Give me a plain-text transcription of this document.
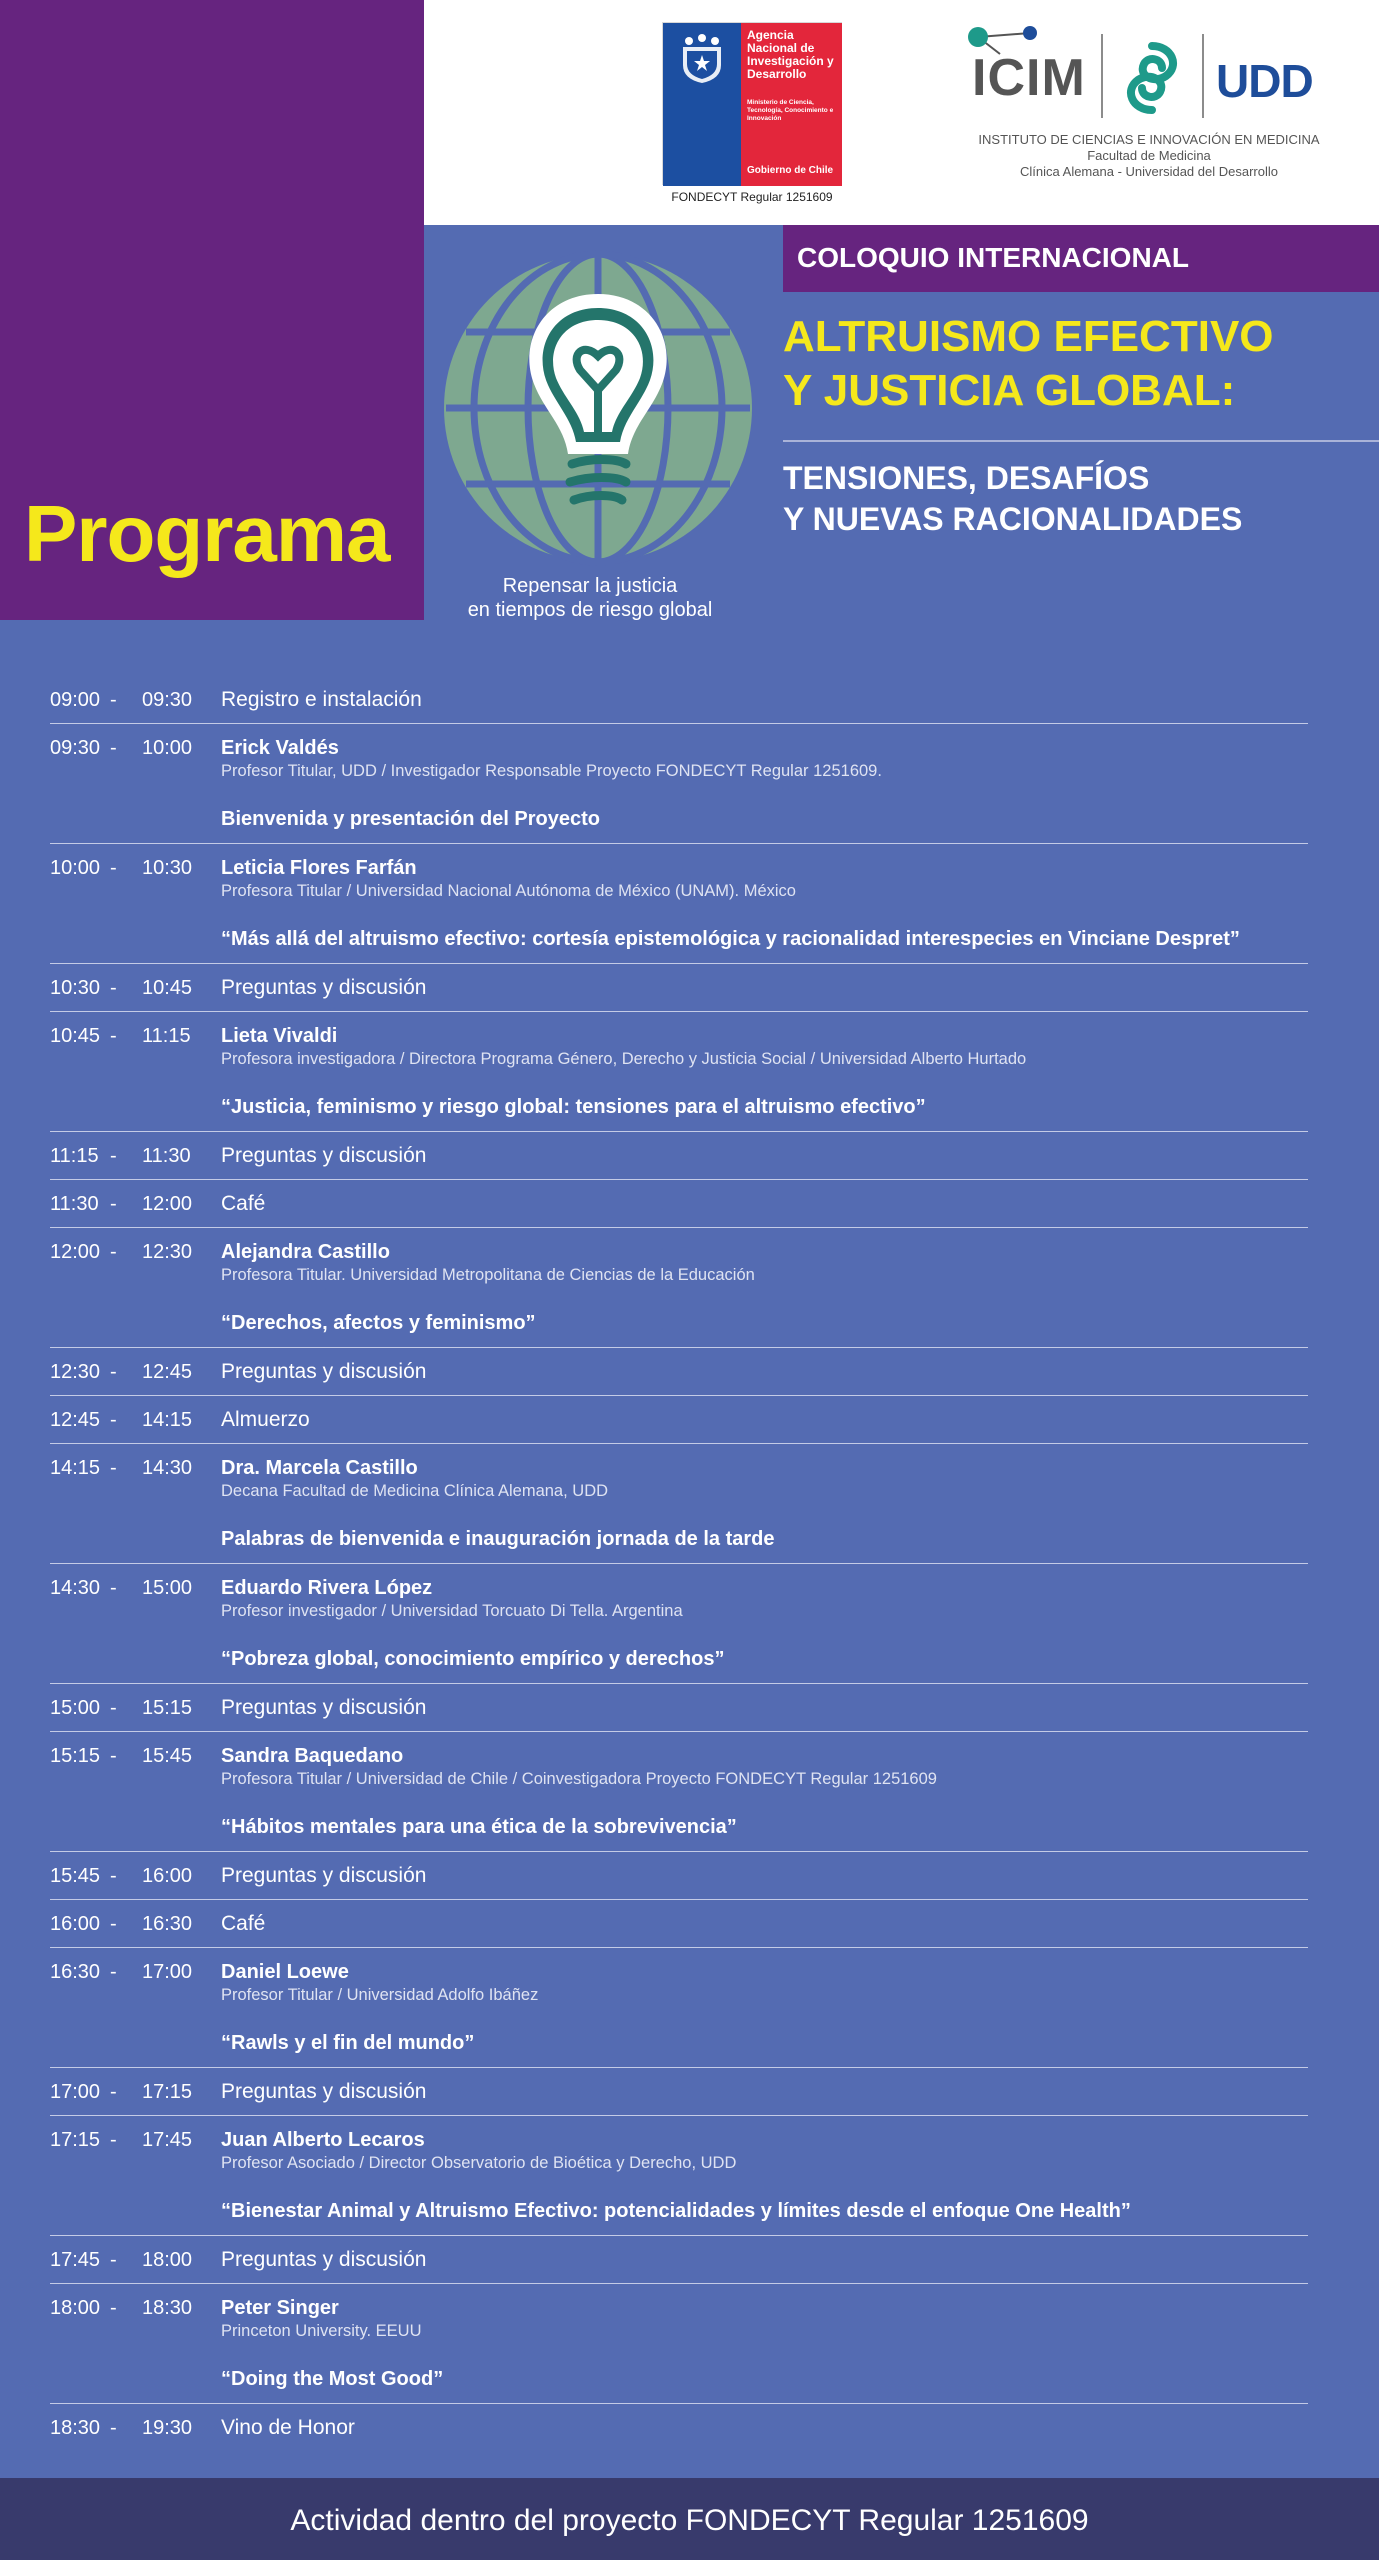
Programa
Agencia Nacional de Investigación y Desarrollo
Ministerio de Ciencia, Tecnología, Conocimiento e Innovación
Gobierno de Chile
FONDECYT Regular 1251609
ICIM	UDD
INSTITUTO DE CIENCIAS E INNOVACIÓN EN MEDICINA
Facultad de Medicina
Clínica Alemana - Universidad del Desarrollo
Repensar la justicia
en tiempos de riesgo global
COLOQUIO INTERNACIONAL
ALTRUISMO EFECTIVO
Y JUSTICIA GLOBAL:
TENSIONES, DESAFÍOS
Y NUEVAS RACIONALIDADES
09:00 - 09:30 Registro e instalación
09:30 - 10:00 Erick Valdés
Profesor Titular, UDD / Investigador Responsable Proyecto FONDECYT Regular 1251609.
Bienvenida y presentación del Proyecto
10:00 - 10:30 Leticia Flores Farfán
Profesora Titular / Universidad Nacional Autónoma de México (UNAM). México
“Más allá del altruismo efectivo: cortesía epistemológica y racionalidad interespecies en Vinciane Despret”
10:30 - 10:45 Preguntas y discusión
10:45 - 11:15 Lieta Vivaldi
Profesora investigadora / Directora Programa Género, Derecho y Justicia Social / Universidad Alberto Hurtado
“Justicia, feminismo y riesgo global: tensiones para el altruismo efectivo”
11:15 - 11:30 Preguntas y discusión
11:30 - 12:00 Café
12:00 - 12:30 Alejandra Castillo
Profesora Titular. Universidad Metropolitana de Ciencias de la Educación
“Derechos, afectos y feminismo”
12:30 - 12:45 Preguntas y discusión
12:45 - 14:15 Almuerzo
14:15 - 14:30 Dra. Marcela Castillo
Decana Facultad de Medicina Clínica Alemana, UDD
Palabras de bienvenida e inauguración jornada de la tarde
14:30 - 15:00 Eduardo Rivera López
Profesor investigador / Universidad Torcuato Di Tella. Argentina
“Pobreza global, conocimiento empírico y derechos”
15:00 - 15:15 Preguntas y discusión
15:15 - 15:45 Sandra Baquedano
Profesora Titular / Universidad de Chile / Coinvestigadora Proyecto FONDECYT Regular 1251609
“Hábitos mentales para una ética de la sobrevivencia”
15:45 - 16:00 Preguntas y discusión
16:00 - 16:30 Café
16:30 - 17:00 Daniel Loewe
Profesor Titular / Universidad Adolfo Ibáñez
“Rawls y el fin del mundo”
17:00 - 17:15 Preguntas y discusión
17:15 - 17:45 Juan Alberto Lecaros
Profesor Asociado / Director Observatorio de Bioética y Derecho, UDD
“Bienestar Animal y Altruismo Efectivo: potencialidades y límites desde el enfoque One Health”
17:45 - 18:00 Preguntas y discusión
18:00 - 18:30 Peter Singer
Princeton University. EEUU
“Doing the Most Good”
18:30 - 19:30 Vino de Honor
Actividad dentro del proyecto FONDECYT Regular 1251609
